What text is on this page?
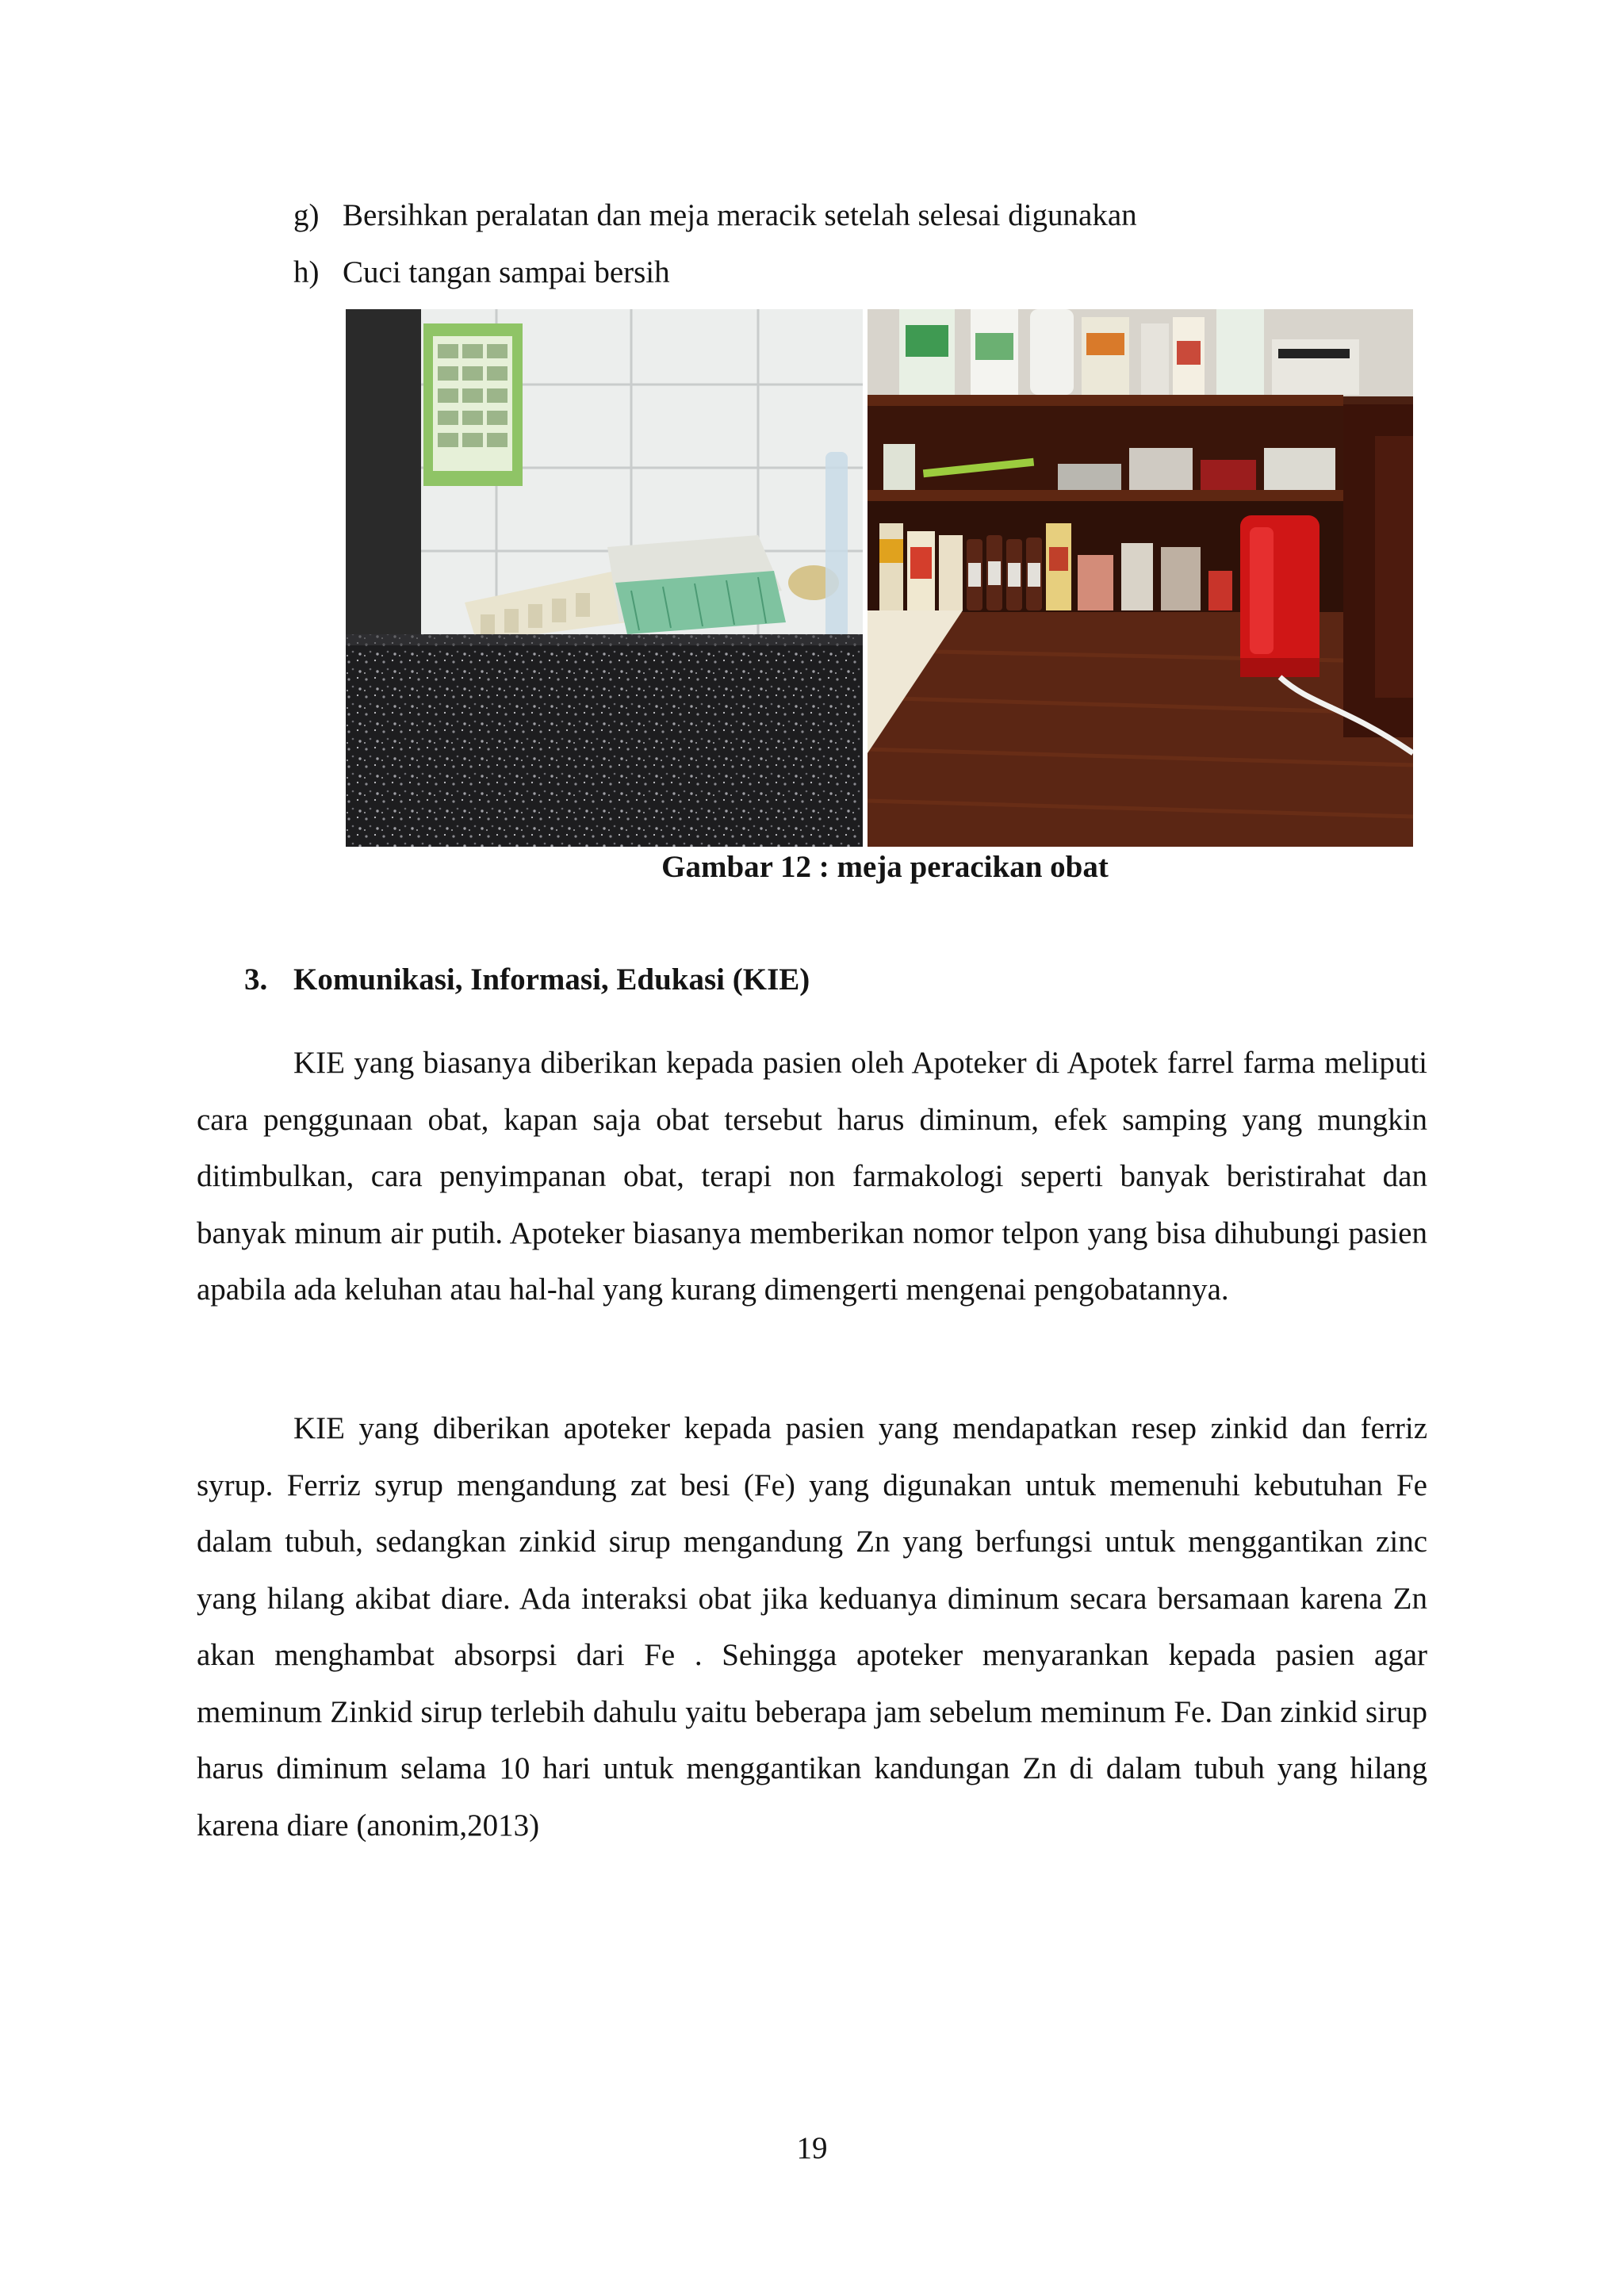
g) Bersihkan peralatan dan meja meracik setelah selesai digunakan
h) Cuci tangan sampai bersih
Gambar 12 : meja peracikan obat
3. Komunikasi, Informasi, Edukasi (KIE)

KIE yang biasanya diberikan kepada pasien oleh Apoteker di Apotek farrel farma meliputi cara penggunaan obat, kapan saja obat tersebut harus diminum, efek samping yang mungkin ditimbulkan, cara penyimpanan obat, terapi non farmakologi seperti banyak beristirahat dan banyak minum air putih. Apoteker biasanya memberikan nomor telpon yang bisa dihubungi pasien apabila ada keluhan atau hal-hal yang kurang dimengerti mengenai pengobatannya.

KIE yang diberikan apoteker kepada pasien yang mendapatkan resep zinkid dan ferriz syrup. Ferriz syrup mengandung zat besi (Fe) yang digunakan untuk memenuhi kebutuhan Fe dalam tubuh, sedangkan zinkid sirup mengandung Zn yang berfungsi untuk menggantikan zinc yang hilang akibat diare. Ada interaksi obat jika keduanya diminum secara bersamaan karena Zn akan menghambat absorpsi dari Fe . Sehingga apoteker menyarankan kepada pasien agar meminum Zinkid sirup terlebih dahulu yaitu beberapa jam sebelum meminum Fe. Dan zinkid sirup harus diminum selama 10 hari untuk menggantikan kandungan Zn di dalam tubuh yang hilang karena diare (anonim,2013)

19
